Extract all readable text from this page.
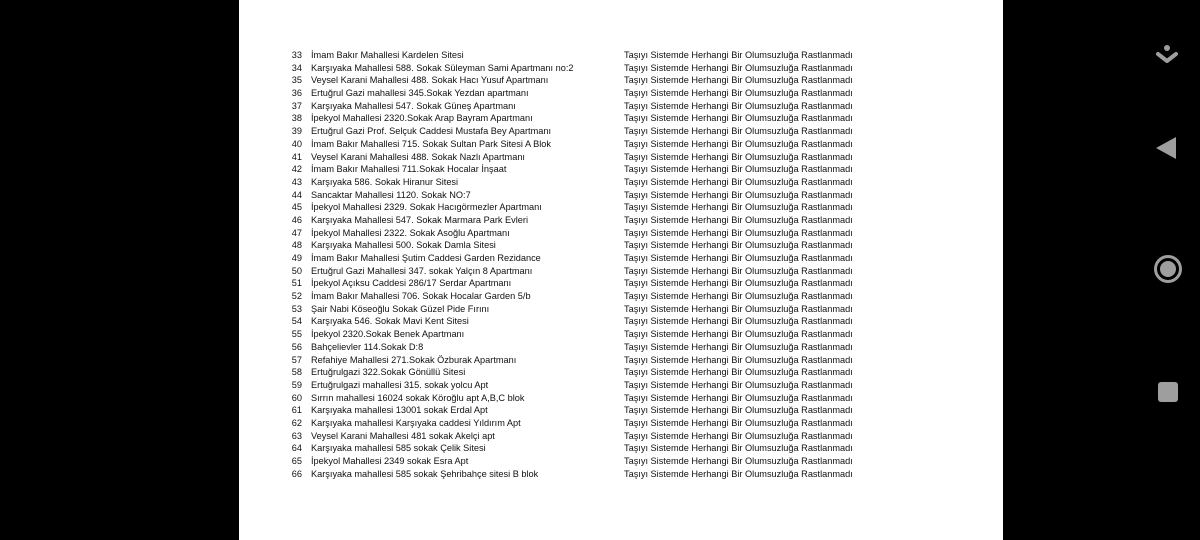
33 İmam Bakır Mahallesi Kardelen Sitesi	Taşıyı Sistemde Herhangi Bir Olumsuzluğa Rastlanmadı
34 Karşıyaka Mahallesi 588. Sokak Süleyman Sami Apartmanı no:2	Taşıyı Sistemde Herhangi Bir Olumsuzluğa Rastlanmadı
35 Veysel Karani Mahallesi 488. Sokak Hacı Yusuf Apartmanı	Taşıyı Sistemde Herhangi Bir Olumsuzluğa Rastlanmadı
36 Ertuğrul Gazi mahallesi 345.Sokak Yezdan apartmanı	Taşıyı Sistemde Herhangi Bir Olumsuzluğa Rastlanmadı
37 Karşıyaka Mahallesi 547. Sokak Güneş Apartmanı	Taşıyı Sistemde Herhangi Bir Olumsuzluğa Rastlanmadı
38 İpekyol Mahallesi 2320.Sokak Arap Bayram Apartmanı	Taşıyı Sistemde Herhangi Bir Olumsuzluğa Rastlanmadı
39 Ertuğrul Gazi Prof. Selçuk Caddesi Mustafa Bey Apartmanı	Taşıyı Sistemde Herhangi Bir Olumsuzluğa Rastlanmadı
40 İmam Bakır Mahallesi 715. Sokak Sultan Park Sitesi A Blok	Taşıyı Sistemde Herhangi Bir Olumsuzluğa Rastlanmadı
41 Veysel Karani Mahallesi 488. Sokak Nazlı Apartmanı	Taşıyı Sistemde Herhangi Bir Olumsuzluğa Rastlanmadı
42 İmam Bakır Mahallesi 711.Sokak Hocalar İnşaat	Taşıyı Sistemde Herhangi Bir Olumsuzluğa Rastlanmadı
43 Karşıyaka 586. Sokak Hiranur Sitesi	Taşıyı Sistemde Herhangi Bir Olumsuzluğa Rastlanmadı
44 Sancaktar Mahallesi 1120. Sokak NO:7	Taşıyı Sistemde Herhangi Bir Olumsuzluğa Rastlanmadı
45 İpekyol Mahallesi 2329. Sokak Hacıgörmezler Apartmanı	Taşıyı Sistemde Herhangi Bir Olumsuzluğa Rastlanmadı
46 Karşıyaka Mahallesi 547. Sokak Marmara Park Evleri	Taşıyı Sistemde Herhangi Bir Olumsuzluğa Rastlanmadı
47 İpekyol Mahallesi 2322. Sokak Asoğlu Apartmanı	Taşıyı Sistemde Herhangi Bir Olumsuzluğa Rastlanmadı
48 Karşıyaka Mahallesi 500. Sokak Damla Sitesi	Taşıyı Sistemde Herhangi Bir Olumsuzluğa Rastlanmadı
49 İmam Bakır Mahallesi Şutim Caddesi Garden Rezidance	Taşıyı Sistemde Herhangi Bir Olumsuzluğa Rastlanmadı
50 Ertuğrul Gazi Mahallesi 347. sokak Yalçın 8 Apartmanı	Taşıyı Sistemde Herhangi Bir Olumsuzluğa Rastlanmadı
51 İpekyol Açıksu Caddesi 286/17 Serdar Apartmanı	Taşıyı Sistemde Herhangi Bir Olumsuzluğa Rastlanmadı
52 İmam Bakır Mahallesi 706. Sokak Hocalar Garden 5/b	Taşıyı Sistemde Herhangi Bir Olumsuzluğa Rastlanmadı
53 Şair Nabi Köseoğlu Sokak Güzel Pide Fırını	Taşıyı Sistemde Herhangi Bir Olumsuzluğa Rastlanmadı
54 Karşıyaka 546. Sokak Mavi Kent Sitesi	Taşıyı Sistemde Herhangi Bir Olumsuzluğa Rastlanmadı
55 İpekyol 2320.Sokak Benek Apartmanı	Taşıyı Sistemde Herhangi Bir Olumsuzluğa Rastlanmadı
56 Bahçelievler 114.Sokak D:8	Taşıyı Sistemde Herhangi Bir Olumsuzluğa Rastlanmadı
57 Refahiye Mahallesi 271.Sokak Özburak Apartmanı	Taşıyı Sistemde Herhangi Bir Olumsuzluğa Rastlanmadı
58 Ertuğrulgazi 322.Sokak Gönüllü Sitesi	Taşıyı Sistemde Herhangi Bir Olumsuzluğa Rastlanmadı
59 Ertuğrulgazi mahallesi 315. sokak yolcu Apt	Taşıyı Sistemde Herhangi Bir Olumsuzluğa Rastlanmadı
60 Sırrın mahallesi 16024 sokak Köroğlu apt A,B,C blok	Taşıyı Sistemde Herhangi Bir Olumsuzluğa Rastlanmadı
61 Karşıyaka mahallesi 13001 sokak Erdal Apt	Taşıyı Sistemde Herhangi Bir Olumsuzluğa Rastlanmadı
62 Karşıyaka mahallesi Karşıyaka caddesi Yıldırım Apt	Taşıyı Sistemde Herhangi Bir Olumsuzluğa Rastlanmadı
63 Veysel Karani Mahallesi 481 sokak Akelçi apt	Taşıyı Sistemde Herhangi Bir Olumsuzluğa Rastlanmadı
64 Karşıyaka mahallesi 585 sokak Çelik Sitesi	Taşıyı Sistemde Herhangi Bir Olumsuzluğa Rastlanmadı
65 İpekyol Mahallesi 2349 sokak Esra Apt	Taşıyı Sistemde Herhangi Bir Olumsuzluğa Rastlanmadı
66 Karşıyaka mahallesi 585 sokak Şehribahçe sitesi B blok	Taşıyı Sistemde Herhangi Bir Olumsuzluğa Rastlanmadı
